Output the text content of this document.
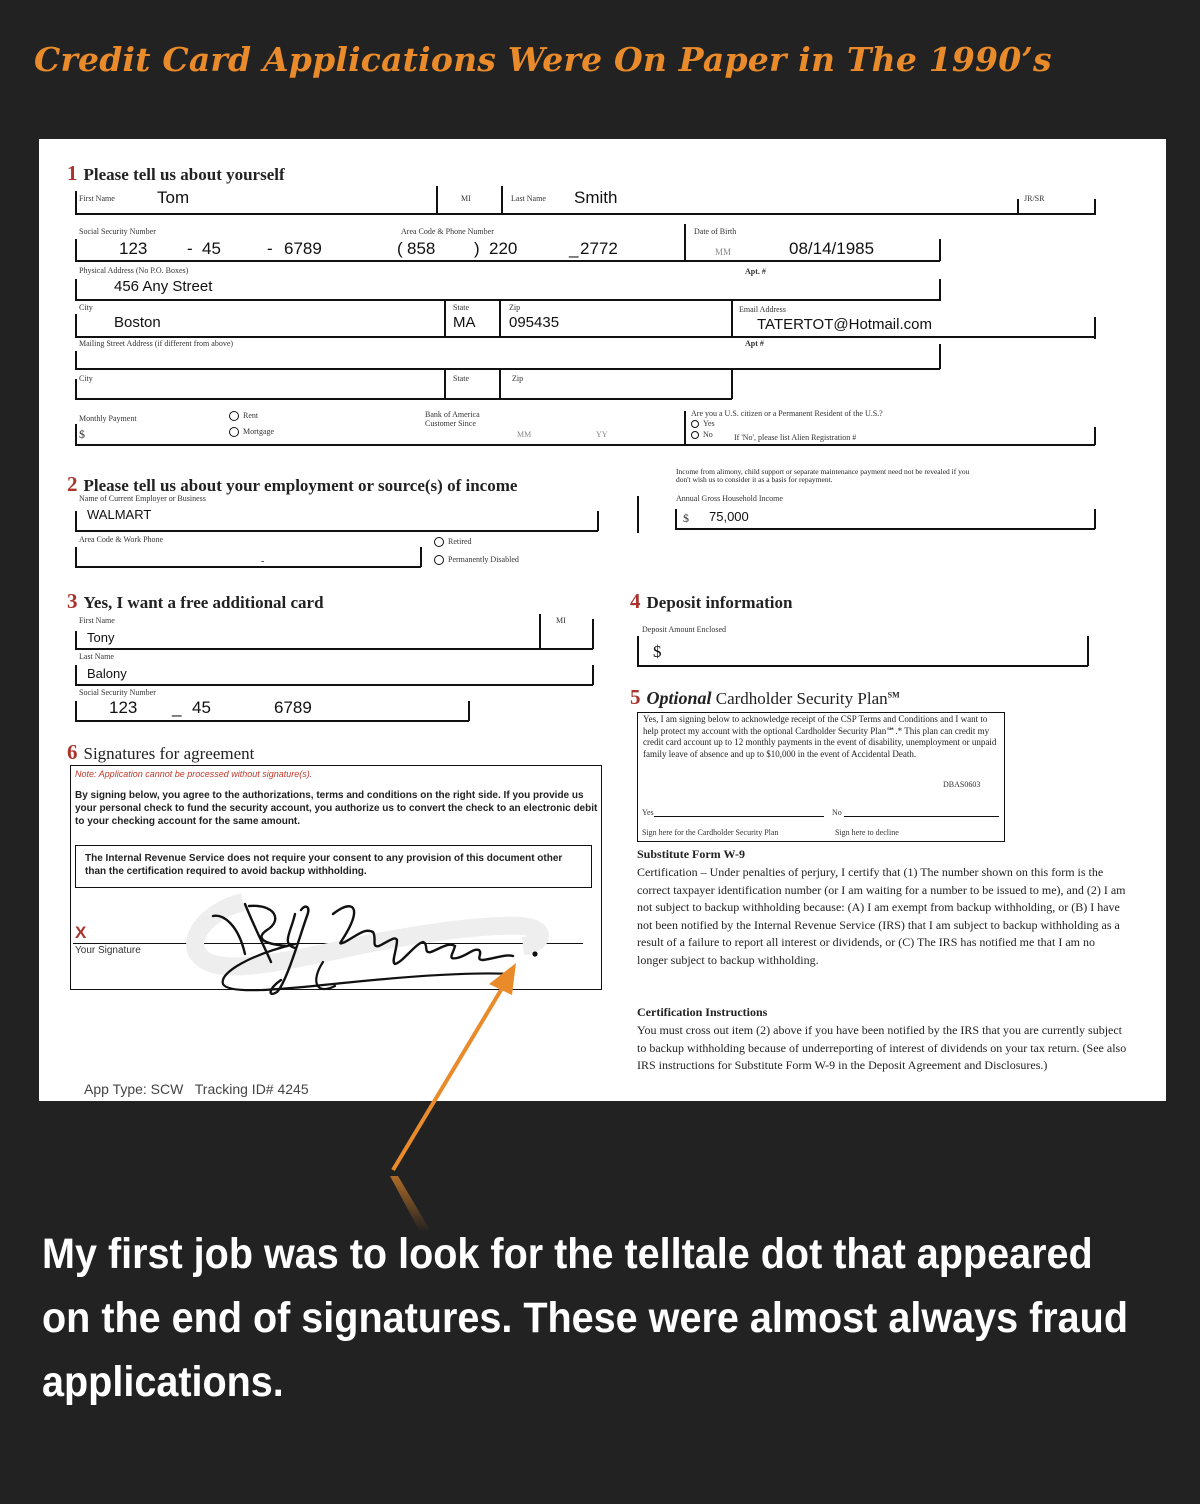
Credit Card Applications Were On Paper in The 1990’s
1 Please tell us about yourself
First Name Tom	MI	Last Name Smith	JR/SR
Social Security Number
123 - 45	- 6789
Area Code & Phone Number
( 858 ) 220	_ 2772
Date of Birth
MM	08/14/1985
Physical Address (No P.O. Boxes)
456 Any Street
Apt. #
City
Boston
State
MA
Zip
095435
Email Address
TATERTOT@Hotmail.com
Mailing Street Address (if different from above)	Apt #
City	State	Zip
Monthly Payment
$
Rent
Mortgage
Bank of America
Customer Since
MM	YY
Are you a U.S. citizen or a Permanent Resident of the U.S.?
Yes
No	If 'No', please list Alien Registration #
2 Please tell us about your employment or source(s) of income
Name of Current Employer or Business
WALMART
Area Code & Work Phone
-
Retired
Permanently Disabled
Income from alimony, child support or separate maintenance payment need not be revealed if you don't wish us to consider it as a basis for repayment.
Annual Gross Household Income
$ 75,000
3 Yes, I want a free additional card
First Name
Tony
MI
Last Name
Balony
Social Security Number
123 _ 45	6789
4 Deposit information
Deposit Amount Enclosed
$
5 Optional Cardholder Security Plan℠
Yes, I am signing below to acknowledge receipt of the CSP Terms and Conditions and I want to help protect my account with the optional Cardholder Security Plan℠.* This plan can credit my credit card account up to 12 monthly payments in the event of disability, unemployment or unpaid family leave of absence and up to $10,000 in the event of Accidental Death.
DBAS0603
Yes	No
Sign here for the Cardholder Security Plan	Sign here to decline
Substitute Form W-9
Certification – Under penalties of perjury, I certify that (1) The number shown on this form is the correct taxpayer identification number (or I am waiting for a number to be issued to me), and (2) I am not subject to backup withholding because: (A) I am exempt from backup withholding, or (B) I have not been notified by the Internal Revenue Service (IRS) that I am subject to backup withholding as a result of a failure to report all interest or dividends, or (C) The IRS has notified me that I am no longer subject to backup withholding.
Certification Instructions
You must cross out item (2) above if you have been notified by the IRS that you are currently subject to backup withholding because of underreporting of interest of dividends on your tax return. (See also IRS instructions for Substitute Form W-9 in the Deposit Agreement and Disclosures.)
6 Signatures for agreement
Note: Application cannot be processed without signature(s).
By signing below, you agree to the authorizations, terms and conditions on the right side. If you provide us your personal check to fund the security account, you authorize us to convert the check to an electronic debit to your checking account for the same amount.
The Internal Revenue Service does not require your consent to any provision of this document other than the certification required to avoid backup withholding.
X
Your Signature
App Type: SCW   Tracking ID# 4245
My first job was to look for the telltale dot that appeared on the end of signatures. These were almost always fraud applications.
